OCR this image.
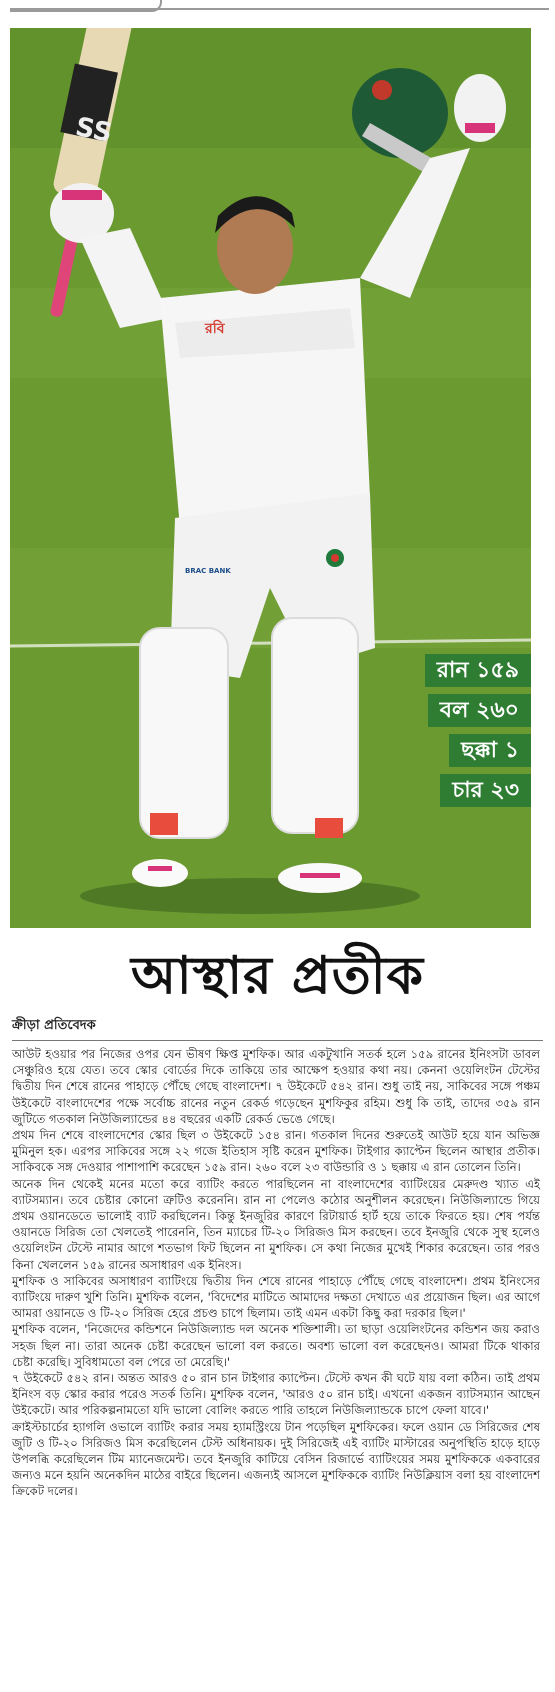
রবি
BRAC BANK
SS
রান ১৫৯
বল ২৬০
ছক্কা ১
চার ২৩
আস্থার প্রতীক
ক্রীড়া প্রতিবেদক

আউট হওয়ার পর নিজের ওপর যেন ভীষণ ক্ষিপ্ত মুশফিক। আর একটুখানি সতর্ক হলে ১৫৯ রানের ইনিংসটা ডাবল সেঞ্চুরিও হয়ে যেত। তবে স্কোর বোর্ডের দিকে তাকিয়ে তার আক্ষেপ হওয়ার কথা নয়। কেননা ওয়েলিংটন টেস্টের দ্বিতীয় দিন শেষে রানের পাহাড়ে পৌঁছে গেছে বাংলাদেশ। ৭ উইকেটে ৫৪২ রান। শুধু তাই নয়, সাকিবের সঙ্গে পঞ্চম উইকেটে বাংলাদেশের পক্ষে সর্বোচ্চ রানের নতুন রেকর্ড গড়েছেন মুশফিকুর রহিম। শুধু কি তাই, তাদের ৩৫৯ রান জুটিতে গতকাল নিউজিল্যান্ডের ৪৪ বছরের একটি রেকর্ড ভেঙে গেছে।

প্রথম দিন শেষে বাংলাদেশের স্কোর ছিল ৩ উইকেটে ১৫৪ রান। গতকাল দিনের শুরুতেই আউট হয়ে যান অভিজ্ঞ মুমিনুল হক। এরপর সাকিবের সঙ্গে ২২ গজে ইতিহাস সৃষ্টি করেন মুশফিক। টাইগার ক্যাপ্টেন ছিলেন আস্থার প্রতীক। সাকিবকে সঙ্গ দেওয়ার পাশাপাশি করেছেন ১৫৯ রান। ২৬০ বলে ২৩ বাউন্ডারি ও ১ ছক্কায় এ রান তোলেন তিনি।

অনেক দিন থেকেই মনের মতো করে ব্যাটিং করতে পারছিলেন না বাংলাদেশের ব্যাটিংয়ের মেরুদণ্ড খ্যাত এই ব্যাটসম্যান। তবে চেষ্টার কোনো ত্রুটিও করেননি। রান না পেলেও কঠোর অনুশীলন করেছেন। নিউজিল্যান্ডে গিয়ে প্রথম ওয়ানডেতে ভালোই ব্যাট করছিলেন। কিন্তু ইনজুরির কারণে রিটায়ার্ড হার্ট হয়ে তাকে ফিরতে হয়। শেষ পর্যন্ত ওয়ানডে সিরিজ তো খেলতেই পারেননি, তিন ম্যাচের টি-২০ সিরিজও মিস করছেন। তবে ইনজুরি থেকে সুস্থ হলেও ওয়েলিংটন টেস্টে নামার আগে শতভাগ ফিট ছিলেন না মুশফিক। সে কথা নিজের মুখেই শিকার করেছেন। তার পরও কিনা খেললেন ১৫৯ রানের অসাধারণ এক ইনিংস।

মুশফিক ও সাকিবের অসাধারণ ব্যাটিংয়ে দ্বিতীয় দিন শেষে রানের পাহাড়ে পৌঁছে গেছে বাংলাদেশ। প্রথম ইনিংসের ব্যাটিংয়ে দারুণ খুশি তিনি। মুশফিক বলেন, 'বিদেশের মাটিতে আমাদের দক্ষতা দেখাতে এর প্রয়োজন ছিল। এর আগে আমরা ওয়ানডে ও টি-২০ সিরিজ হেরে প্রচণ্ড চাপে ছিলাম। তাই এমন একটা কিছু করা দরকার ছিল।'

মুশফিক বলেন, 'নিজেদের কন্ডিশনে নিউজিল্যান্ড দল অনেক শক্তিশালী। তা ছাড়া ওয়েলিংটনের কন্ডিশন জয় করাও সহজ ছিল না। তারা অনেক চেষ্টা করেছেন ভালো বল করতে। অবশ্য ভালো বল করেছেনও। আমরা টিকে থাকার চেষ্টা করেছি। সুবিধামতো বল পেরে তা মেরেছি।'

৭ উইকেটে ৫৪২ রান। অন্তত আরও ৫০ রান চান টাইগার ক্যাপ্টেন। টেস্টে কখন কী ঘটে যায় বলা কঠিন। তাই প্রথম ইনিংস বড় স্কোর করার পরেও সতর্ক তিনি। মুশফিক বলেন, 'আরও ৫০ রান চাই। এখনো একজন ব্যাটসম্যান আছেন উইকেটে। আর পরিকল্পনামতো যদি ভালো বোলিং করতে পারি তাহলে নিউজিল্যান্ডকে চাপে ফেলা যাবে।'

ক্রাইস্টচার্চের হ্যাগলি ওভালে ব্যাটিং করার সময় হ্যামস্ট্রিংয়ে টান পড়েছিল মুশফিকের। ফলে ওয়ান ডে সিরিজের শেষ জুটি ও টি-২০ সিরিজও মিস করেছিলেন টেস্ট অধিনায়ক। দুই সিরিজেই এই ব্যাটিং মাস্টারের অনুপস্থিতি হাড়ে হাড়ে উপলব্ধি করেছিলেন টিম ম্যানেজমেন্ট। তবে ইনজুরি কাটিয়ে বেসিন রিজার্ভে ব্যাটিংয়ের সময় মুশফিককে একবারের জন্যও মনে হয়নি অনেকদিন মাঠের বাইরে ছিলেন। এজন্যই আসলে মুশফিককে ব্যাটিং নিউক্লিয়াস বলা হয় বাংলাদেশ ক্রিকেট দলের।
